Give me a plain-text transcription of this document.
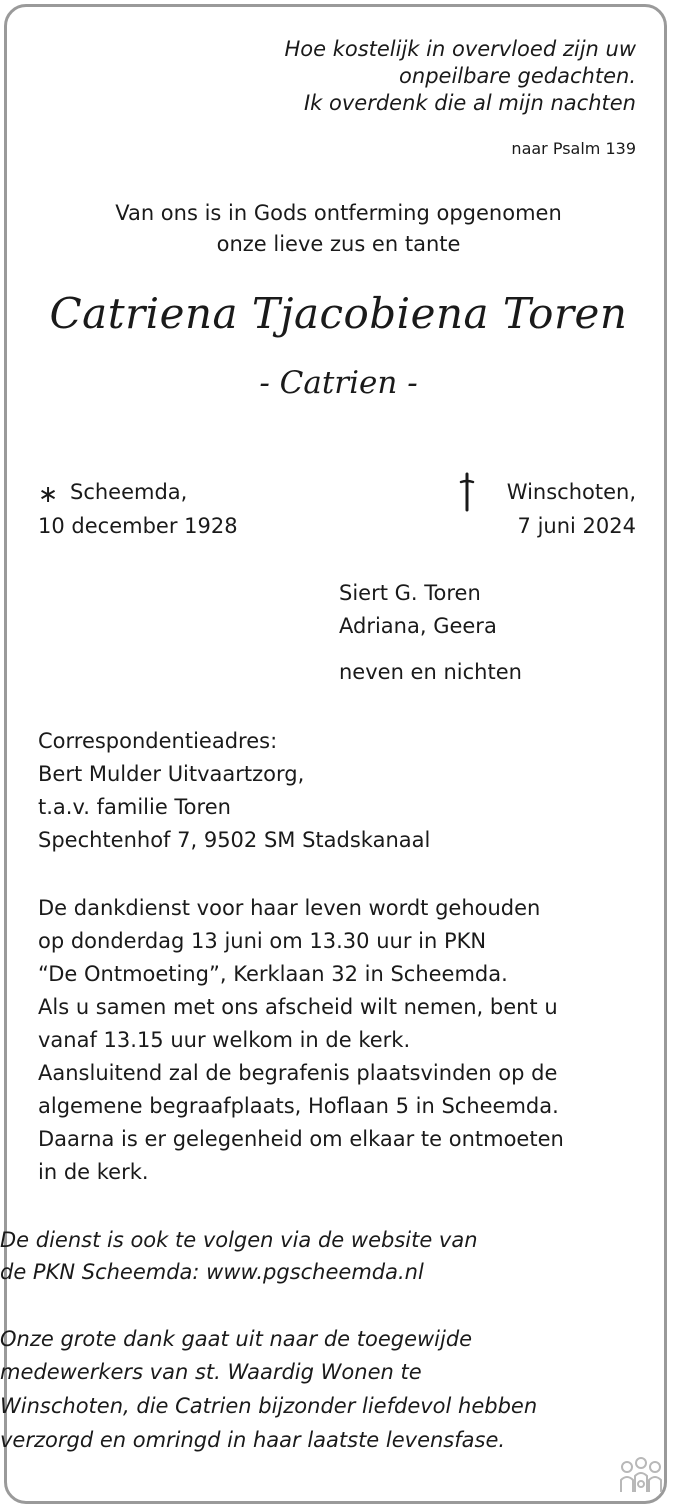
Hoe kostelijk in overvloed zijn uw
onpeilbare gedachten.
Ik overdenk die al mijn nachten
naar Psalm 139
Van ons is in Gods ontferming opgenomen
onze lieve zus en tante
Catriena Tjacobiena Toren
- Catrien -
∗ Scheemda,
10 december 1928
Winschoten,
7 juni 2024
Siert G. Toren
Adriana, Geera
neven en nichten
Correspondentieadres:
Bert Mulder Uitvaartzorg,
t.a.v. familie Toren
Spechtenhof 7, 9502 SM Stadskanaal
De dankdienst voor haar leven wordt gehouden
op donderdag 13 juni om 13.30 uur in PKN
“De Ontmoeting”, Kerklaan 32 in Scheemda.
Als u samen met ons afscheid wilt nemen, bent u
vanaf 13.15 uur welkom in de kerk.
Aansluitend zal de begrafenis plaatsvinden op de
algemene begraafplaats, Hoflaan 5 in Scheemda.
Daarna is er gelegenheid om elkaar te ontmoeten
in de kerk.
De dienst is ook te volgen via de website van
de PKN Scheemda: www.pgscheemda.nl
Onze grote dank gaat uit naar de toegewijde
medewerkers van st. Waardig Wonen te
Winschoten, die Catrien bijzonder liefdevol hebben
verzorgd en omringd in haar laatste levensfase.
